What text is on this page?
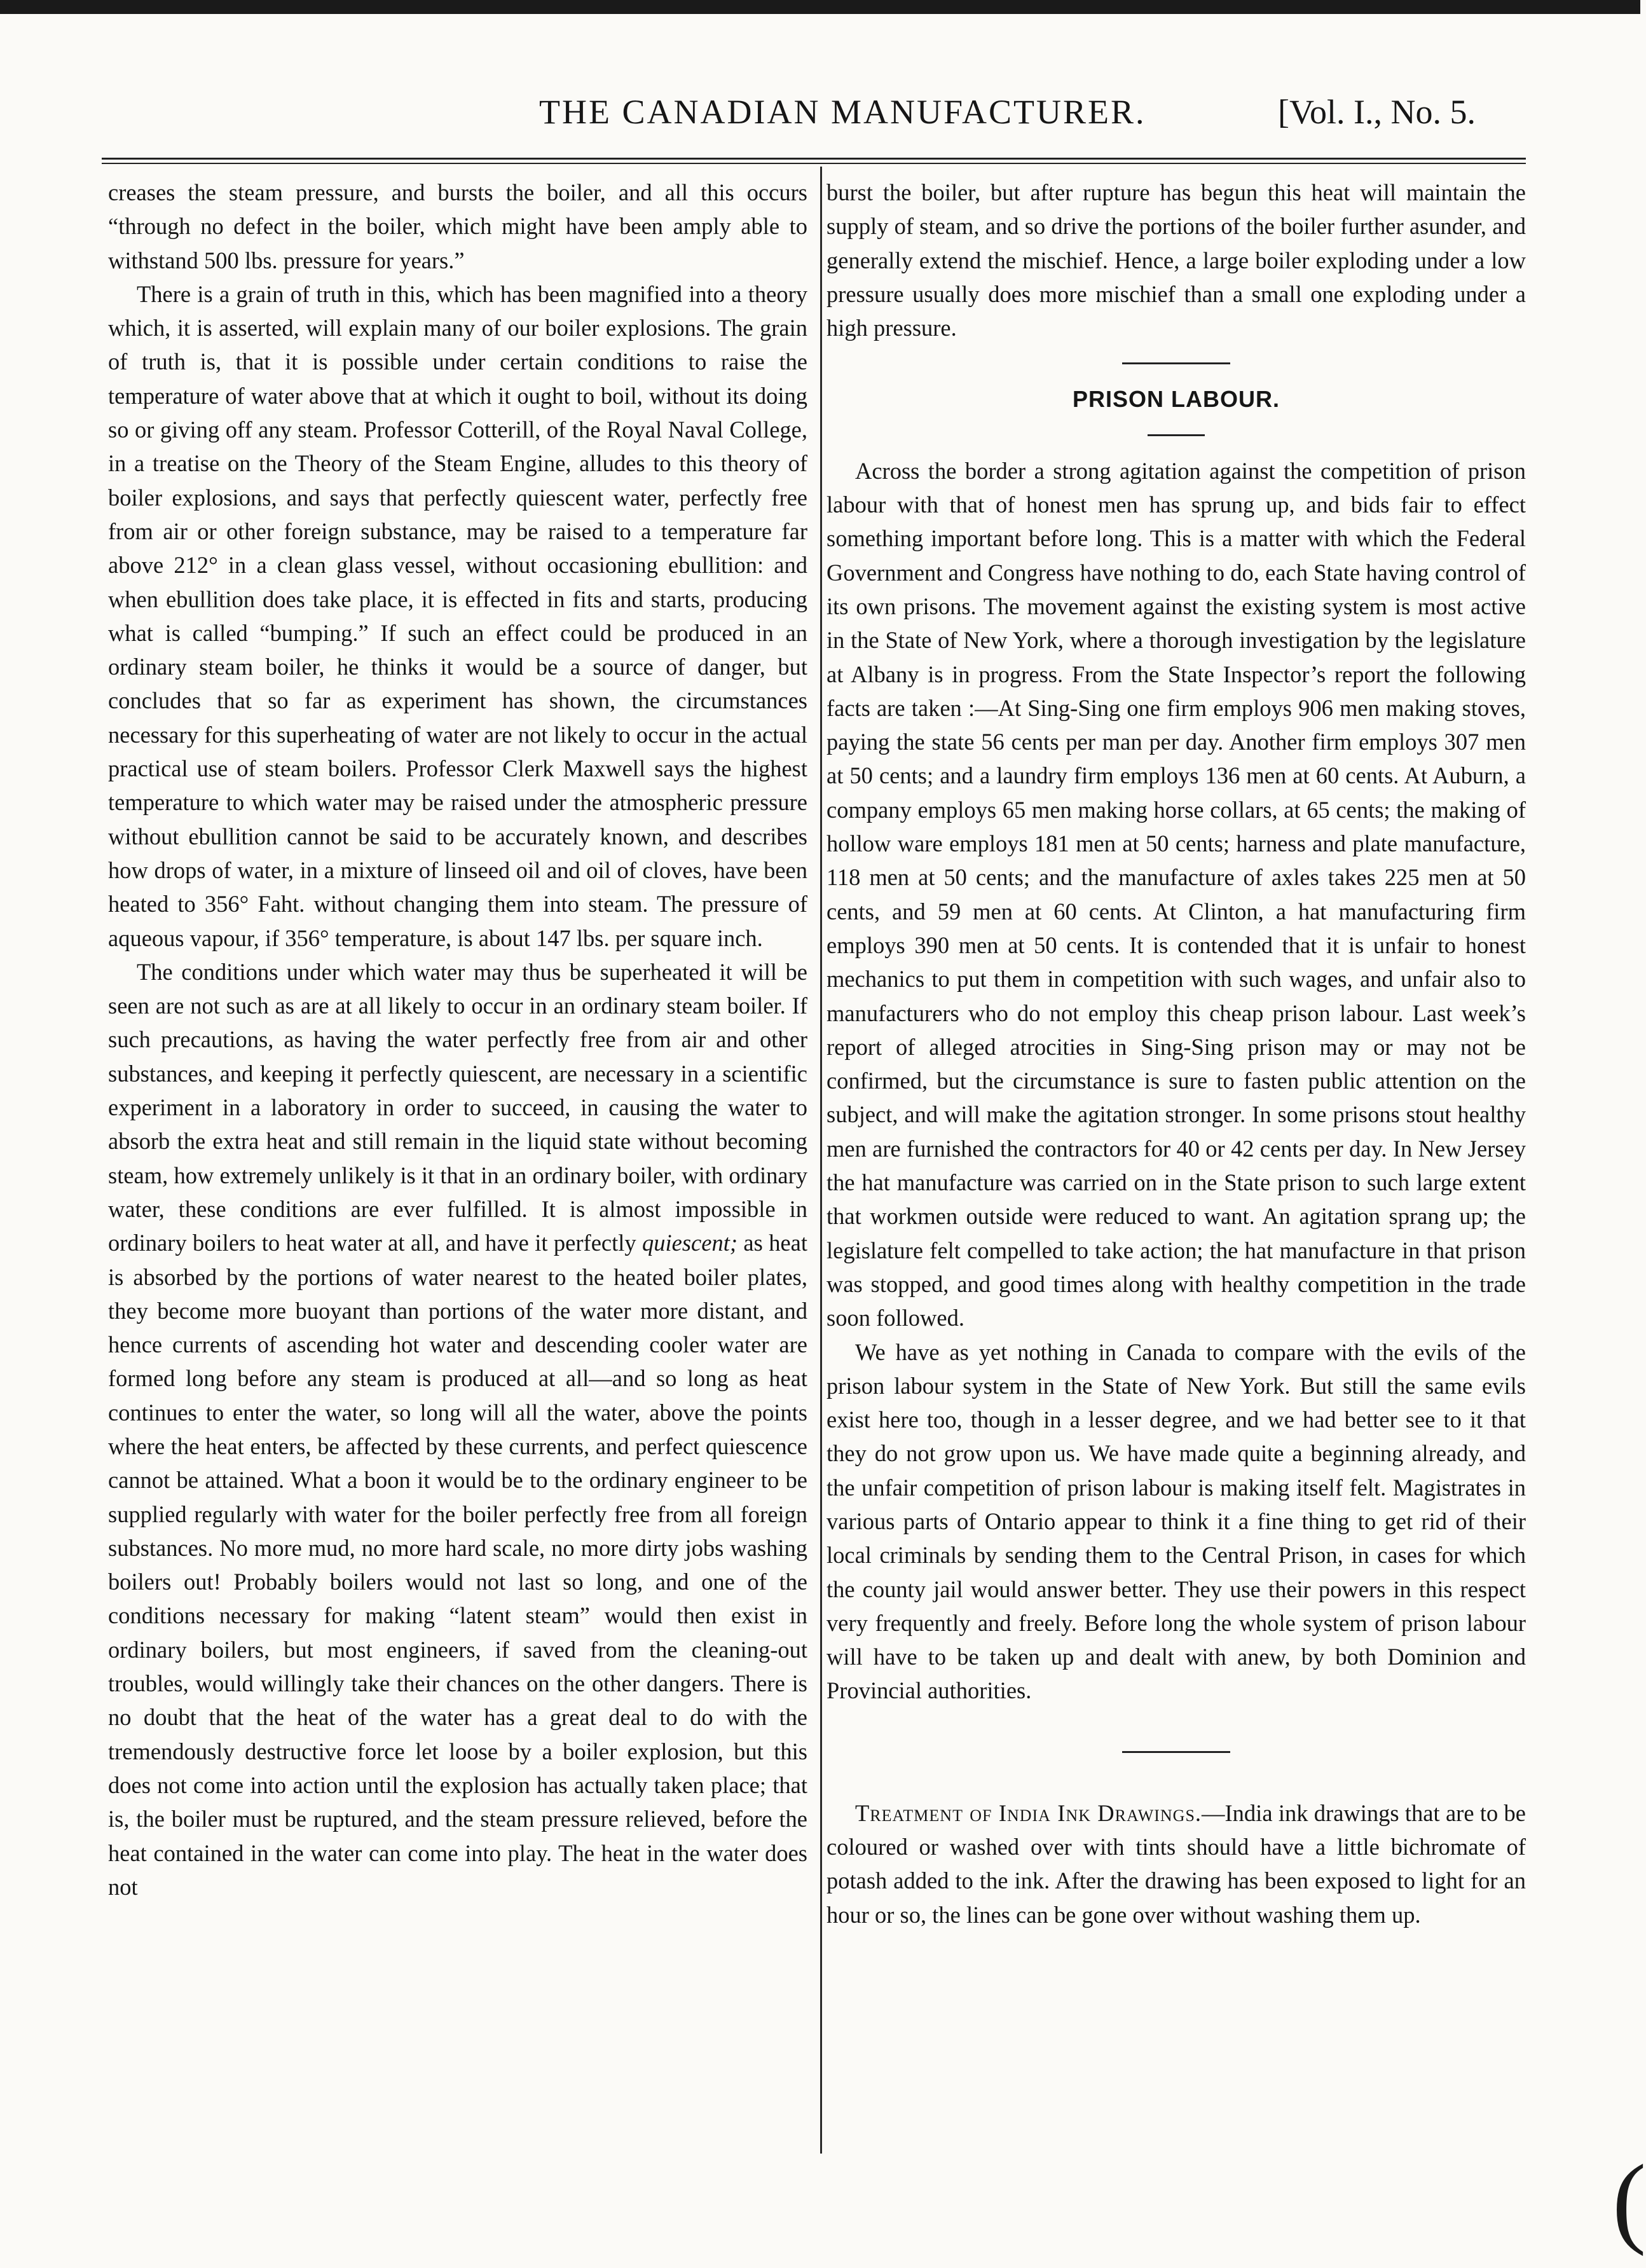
THE CANADIAN MANUFACTURER.	[Vol. I., No. 5.

creases the steam pressure, and bursts the boiler, and all this occurs “through no defect in the boiler, which might have been amply able to withstand 500 lbs. pressure for years.”

There is a grain of truth in this, which has been magnified into a theory which, it is asserted, will explain many of our boiler explosions. The grain of truth is, that it is possible under certain conditions to raise the temperature of water above that at which it ought to boil, without its doing so or giving off any steam. Professor Cotterill, of the Royal Naval College, in a treatise on the Theory of the Steam Engine, alludes to this theory of boiler explosions, and says that perfectly quiescent water, perfectly free from air or other foreign substance, may be raised to a temperature far above 212° in a clean glass vessel, without occasioning ebullition: and when ebullition does take place, it is effected in fits and starts, producing what is called “bumping.” If such an effect could be produced in an ordinary steam boiler, he thinks it would be a source of danger, but concludes that so far as experiment has shown, the circumstances necessary for this superheating of water are not likely to occur in the actual practical use of steam boilers. Professor Clerk Maxwell says the highest temperature to which water may be raised under the atmospheric pressure without ebullition cannot be said to be accurately known, and describes how drops of water, in a mixture of linseed oil and oil of cloves, have been heated to 356° Faht. without changing them into steam. The pressure of aqueous vapour, if 356° temperature, is about 147 lbs. per square inch.

The conditions under which water may thus be superheated it will be seen are not such as are at all likely to occur in an ordinary steam boiler. If such precautions, as having the water perfectly free from air and other substances, and keeping it perfectly quiescent, are necessary in a scientific experiment in a laboratory in order to succeed, in causing the water to absorb the extra heat and still remain in the liquid state without becoming steam, how extremely unlikely is it that in an ordinary boiler, with ordinary water, these conditions are ever fulfilled. It is almost impossible in ordinary boilers to heat water at all, and have it perfectly quiescent; as heat is absorbed by the portions of water nearest to the heated boiler plates, they become more buoyant than portions of the water more distant, and hence currents of ascending hot water and descending cooler water are formed long before any steam is produced at all—and so long as heat continues to enter the water, so long will all the water, above the points where the heat enters, be affected by these currents, and perfect quiescence cannot be attained. What a boon it would be to the ordinary engineer to be supplied regularly with water for the boiler perfectly free from all foreign substances. No more mud, no more hard scale, no more dirty jobs washing boilers out! Probably boilers would not last so long, and one of the conditions necessary for making “latent steam” would then exist in ordinary boilers, but most engineers, if saved from the cleaning-out troubles, would willingly take their chances on the other dangers. There is no doubt that the heat of the water has a great deal to do with the tremendously destructive force let loose by a boiler explosion, but this does not come into action until the explosion has actually taken place; that is, the boiler must be ruptured, and the steam pressure relieved, before the heat contained in the water can come into play. The heat in the water does not

burst the boiler, but after rupture has begun this heat will maintain the supply of steam, and so drive the portions of the boiler further asunder, and generally extend the mischief. Hence, a large boiler exploding under a low pressure usually does more mischief than a small one exploding under a high pressure.

PRISON LABOUR.

Across the border a strong agitation against the competition of prison labour with that of honest men has sprung up, and bids fair to effect something important before long. This is a matter with which the Federal Government and Congress have nothing to do, each State having control of its own prisons. The movement against the existing system is most active in the State of New York, where a thorough investigation by the legislature at Albany is in progress. From the State Inspector’s report the following facts are taken :—At Sing-Sing one firm employs 906 men making stoves, paying the state 56 cents per man per day. Another firm employs 307 men at 50 cents; and a laundry firm employs 136 men at 60 cents. At Auburn, a company employs 65 men making horse collars, at 65 cents; the making of hollow ware employs 181 men at 50 cents; harness and plate manufacture, 118 men at 50 cents; and the manufacture of axles takes 225 men at 50 cents, and 59 men at 60 cents. At Clinton, a hat manufacturing firm employs 390 men at 50 cents. It is contended that it is unfair to honest mechanics to put them in competition with such wages, and unfair also to manufacturers who do not employ this cheap prison labour. Last week’s report of alleged atrocities in Sing-Sing prison may or may not be confirmed, but the circumstance is sure to fasten public attention on the subject, and will make the agitation stronger. In some prisons stout healthy men are furnished the contractors for 40 or 42 cents per day. In New Jersey the hat manufacture was carried on in the State prison to such large extent that workmen outside were reduced to want. An agitation sprang up; the legislature felt compelled to take action; the hat manufacture in that prison was stopped, and good times along with healthy competition in the trade soon followed.

We have as yet nothing in Canada to compare with the evils of the prison labour system in the State of New York. But still the same evils exist here too, though in a lesser degree, and we had better see to it that they do not grow upon us. We have made quite a beginning already, and the unfair competition of prison labour is making itself felt. Magistrates in various parts of Ontario appear to think it a fine thing to get rid of their local criminals by sending them to the Central Prison, in cases for which the county jail would answer better. They use their powers in this respect very frequently and freely. Before long the whole system of prison labour will have to be taken up and dealt with anew, by both Dominion and Provincial authorities.

Treatment of India Ink Drawings.—India ink drawings that are to be coloured or washed over with tints should have a little bichromate of potash added to the ink. After the drawing has been exposed to light for an hour or so, the lines can be gone over without washing them up.

(
